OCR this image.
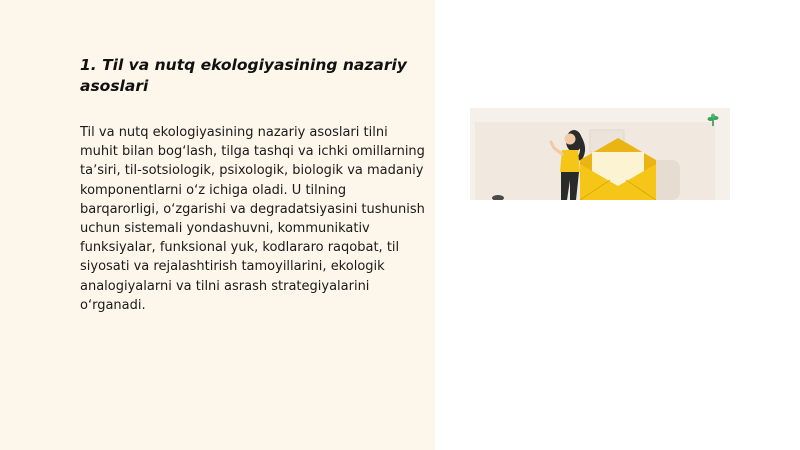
1. Til va nutq ekologiyasining nazariy asoslari

Til va nutq ekologiyasining nazariy asoslari tilni muhit bilan bogʻlash, tilga tashqi va ichki omillarning taʼsiri, til-sotsiologik, psixologik, biologik va madaniy komponentlarni oʻz ichiga oladi. U tilning barqarorligi, oʻzgarishi va degradatsiyasini tushunish uchun sistemali yondashuvni, kommunikativ funksiyalar, funksional yuk, kodlararo raqobat, til siyosati va rejalashtirish tamoyillarini, ekologik analogiyalarni va tilni asrash strategiyalarini oʻrganadi.
